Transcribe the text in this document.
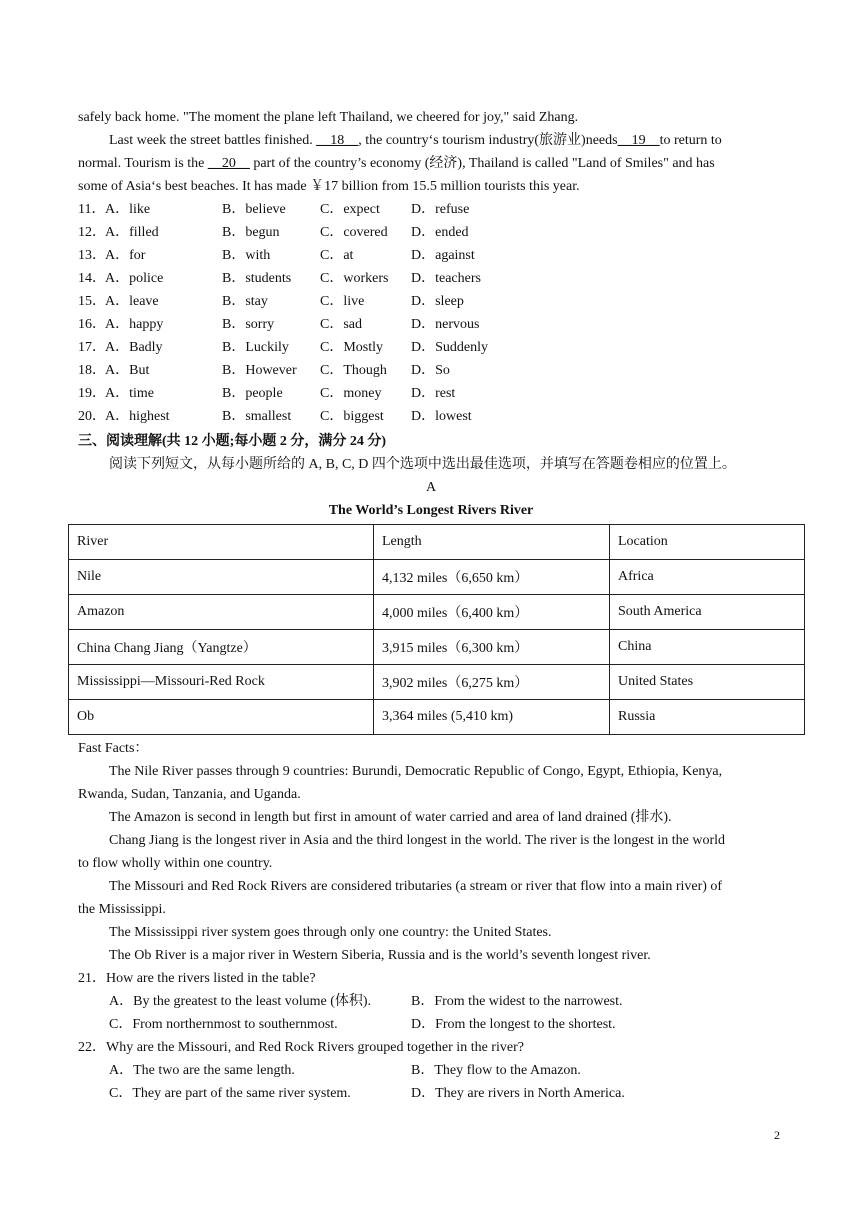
safely back home. "The moment the plane left Thailand, we cheered for joy," said Zhang.
Last week the street battles finished. __18__, the country‘s tourism industry(旅游业)needs__19__to return to
normal. Tourism is the __20__ part of the country’s economy (经济), Thailand is called "Land of Smiles" and has
some of Asia‘s best beaches. It has made ￥17 billion from 15.5 million tourists this year.
11． A．like	B．believe	C．expect	D．refuse
12． A．filled	B．begun	C．covered	D．ended
13． A．for	B．with	C．at	D．against
14． A．police	B．students	C．workers	D．teachers
15． A．leave	B．stay	C．live	D．sleep
16． A．happy	B．sorry	C．sad	D．nervous
17． A．Badly	B．Luckily	C．Mostly	D．Suddenly
18． A．But	B．However	C．Though	D．So
19． A．time	B．people	C．money	D．rest
20． A．highest	B．smallest	C．biggest	D．lowest
三、阅读理解(共 12 小题;每小题 2 分，满分 24 分)
阅读下列短文，从每小题所给的 A, B, C, D 四个选项中选出最佳选项，并填写在答题卷相应的位置上。
A
The World’s Longest Rivers River
River	Length	Location
Nile	4,132 miles（6,650 km）	Africa
Amazon	4,000 miles（6,400 km）	South America
China Chang Jiang（Yangtze）	3,915 miles（6,300 km）	China
Mississippi—Missouri-Red Rock	3,902 miles（6,275 km）	United States
Ob	3,364 miles (5,410 km)	Russia
Fast Facts：
The Nile River passes through 9 countries: Burundi, Democratic Republic of Congo, Egypt, Ethiopia, Kenya,
Rwanda, Sudan, Tanzania, and Uganda.
The Amazon is second in length but first in amount of water carried and area of land drained (排水).
Chang Jiang is the longest river in Asia and the third longest in the world. The river is the longest in the world
to flow wholly within one country.
The Missouri and Red Rock Rivers are considered tributaries (a stream or river that flow into a main river) of
the Mississippi.
The Mississippi river system goes through only one country: the United States.
The Ob River is a major river in Western Siberia, Russia and is the world’s seventh longest river.
21．How are the rivers listed in the table?
A．By the greatest to the least volume (体积).	B．From the widest to the narrowest.
C．From northernmost to southernmost.	D．From the longest to the shortest.
22．Why are the Missouri, and Red Rock Rivers grouped together in the river?
A．The two are the same length.	B．They flow to the Amazon.
C．They are part of the same river system.	D．They are rivers in North America.
2
